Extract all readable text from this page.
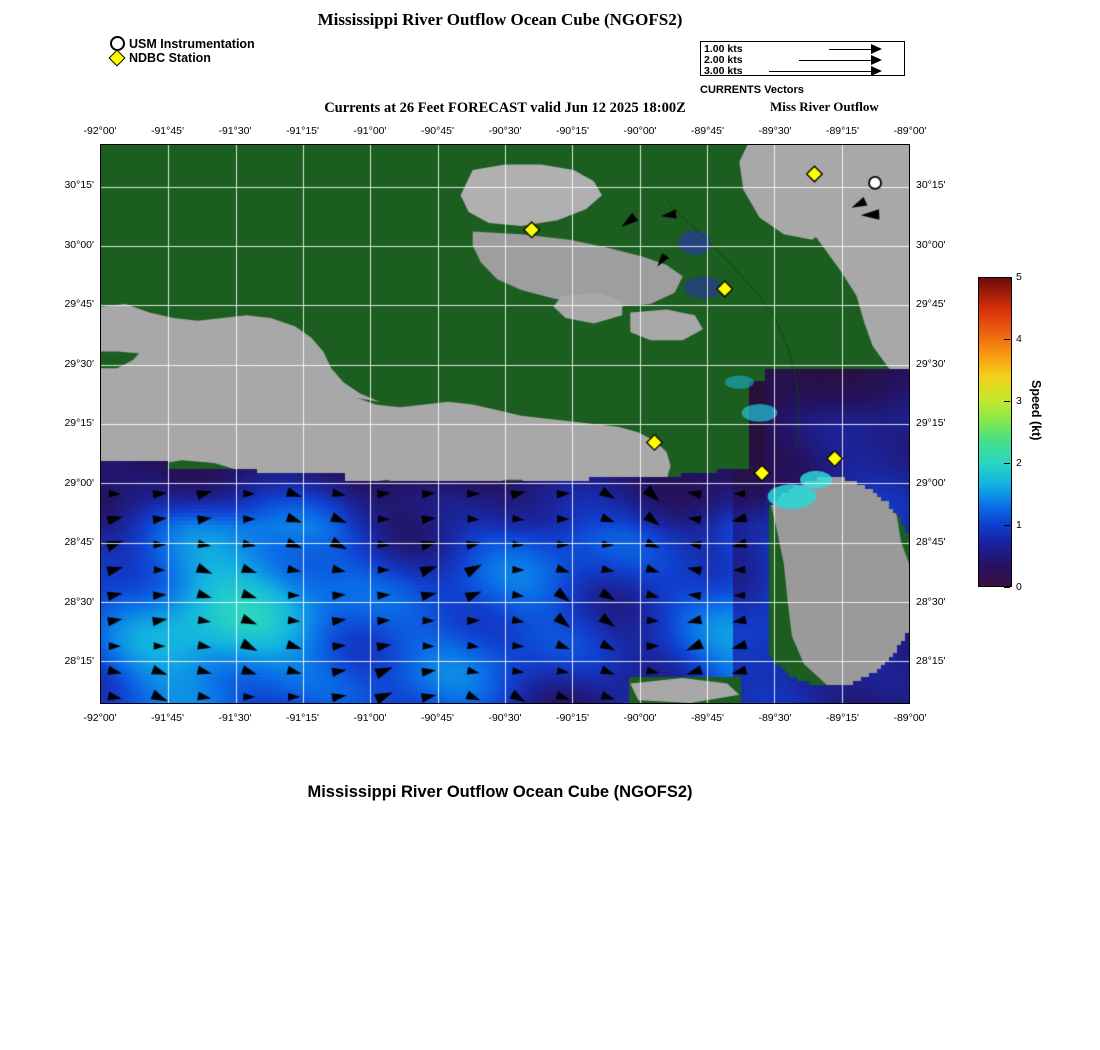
Mississippi River Outflow Ocean Cube (NGOFS2)
USM Instrumentation
NDBC Station
1.00 kts
2.00 kts
3.00 kts
CURRENTS Vectors
Currents at 26 Feet FORECAST valid Jun 12 2025 18:00Z	Miss River Outflow
-92°00'
-92°00'
-91°45'
-91°45'
-91°30'
-91°30'
-91°15'
-91°15'
-91°00'
-91°00'
-90°45'
-90°45'
-90°30'
-90°30'
-90°15'
-90°15'
-90°00'
-90°00'
-89°45'
-89°45'
-89°30'
-89°30'
-89°15'
-89°15'
-89°00'
-89°00'
30°15'	30°15'
30°00'	30°00'
29°45'	29°45'
29°30'	29°30'
29°15'	29°15'
29°00'	29°00'
28°45'	28°45'
28°30'	28°30'
28°15'	28°15'
Speed (kt)
5
4
3
2
1
0
Mississippi River Outflow Ocean Cube (NGOFS2)
